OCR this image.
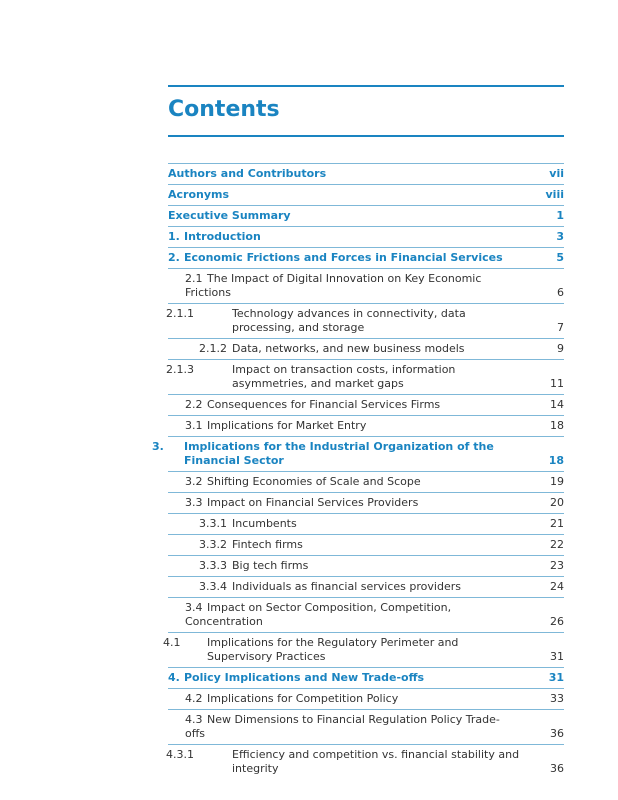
Contents
Authors and Contributors	vii
Acronyms	viii
Executive Summary	1
1. Introduction	3
2. Economic Frictions and Forces in Financial Services	5
2.1 The Impact of Digital Innovation on Key Economic Frictions	6
2.1.1	Technology advances in connectivity, data processing, and storage	7
2.1.2 Data, networks, and new business models	9
2.1.3	Impact on transaction costs, information asymmetries, and market gaps	11
2.2 Consequences for Financial Services Firms	14
3.1 Implications for Market Entry	18
3. Implications for the Industrial Organization of the Financial Sector	18
3.2 Shifting Economies of Scale and Scope	19
3.3 Impact on Financial Services Providers	20
3.3.1 Incumbents	21
3.3.2 Fintech firms	22
3.3.3 Big tech firms	23
3.3.4 Individuals as financial services providers	24
3.4 Impact on Sector Composition, Competition, Concentration	26
4.1 Implications for the Regulatory Perimeter and Supervisory Practices	31
4. Policy Implications and New Trade-offs	31
4.2 Implications for Competition Policy	33
4.3 New Dimensions to Financial Regulation Policy Trade-offs	36
4.3.1	Efficiency and competition vs. financial stability and integrity	36
